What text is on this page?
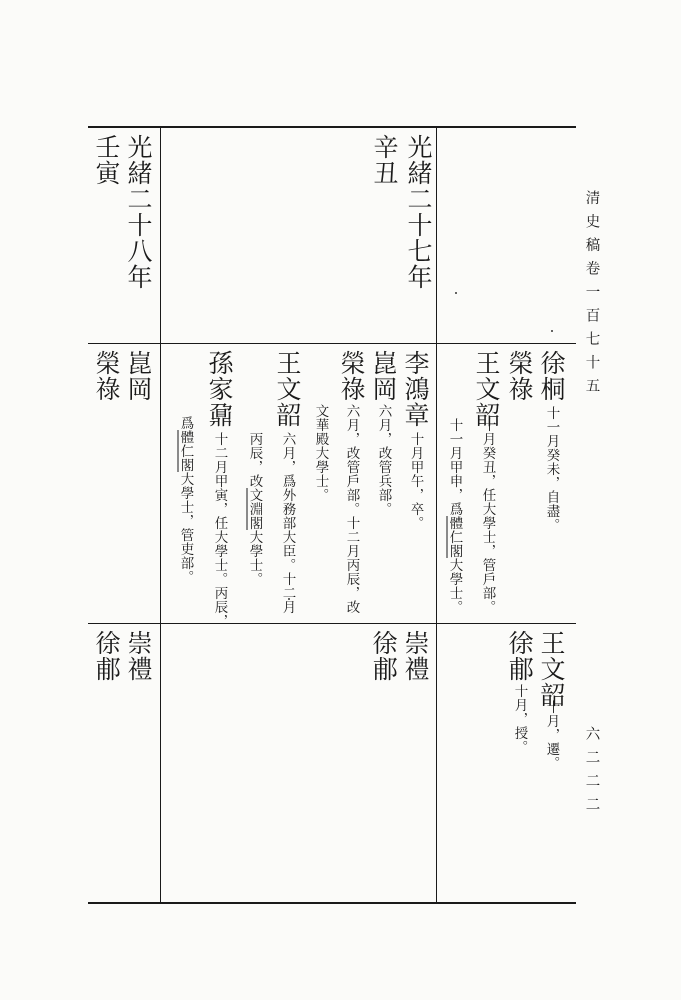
清史稿卷一百七十五
六二二二
光緒二十七年
辛丑
光緒二十八年
壬寅
徐桐
十一月癸未，自盡。
榮祿
王文韶
十月癸丑，任大學士，管戶部。
十一月甲申，爲體仁閣大學士。
李鴻章
十月甲午，卒。
崑岡
六月，改管兵部。
榮祿
六月，改管戶部。十二月丙辰，改
文華殿大學士。
王文韶
六月，爲外務部大臣。十二月
丙辰，改文淵閣大學士。
孫家鼐
十二月甲寅，任大學士。丙辰，
爲體仁閣大學士，管吏部。
崑岡
榮祿
王文韶
十月，遷。
徐郙
十月，授。
崇禮
徐郙
崇禮
徐郙
